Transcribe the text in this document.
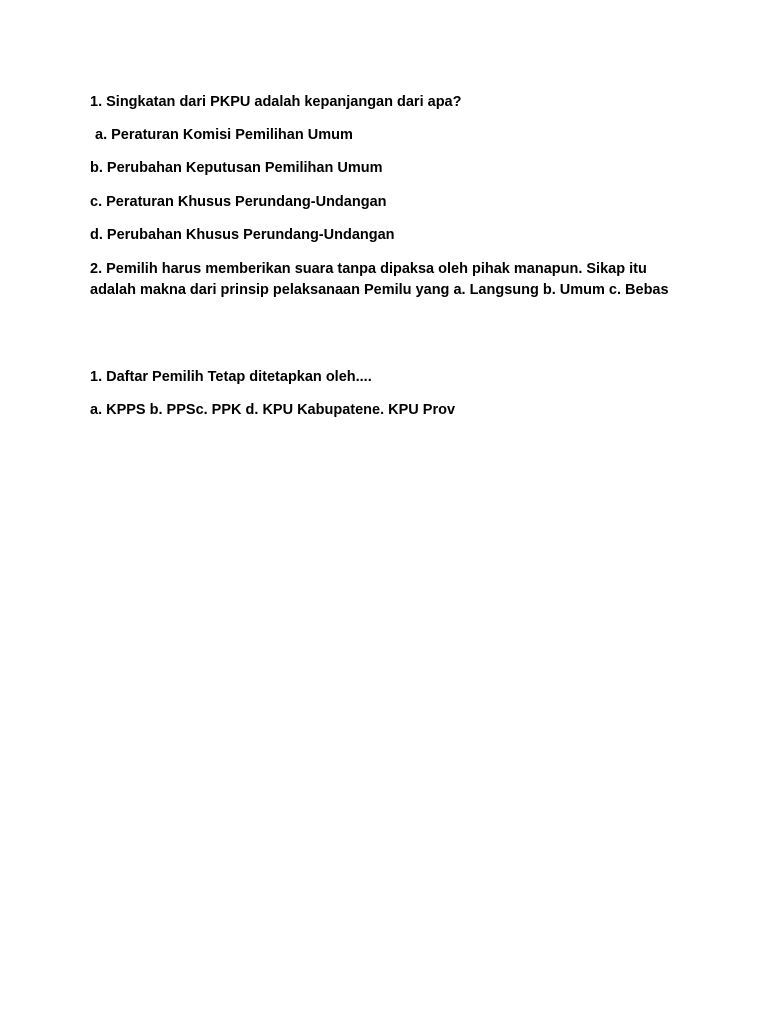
1. Singkatan dari PKPU adalah kepanjangan dari apa?
a. Peraturan Komisi Pemilihan Umum
b. Perubahan Keputusan Pemilihan Umum
c. Peraturan Khusus Perundang-Undangan
d. Perubahan Khusus Perundang-Undangan
2. Pemilih harus memberikan suara tanpa dipaksa oleh pihak manapun. Sikap itu adalah makna dari prinsip pelaksanaan Pemilu yang a. Langsung b. Umum c. Bebas
1. Daftar Pemilih Tetap ditetapkan oleh....
a. KPPS b. PPSc. PPK d. KPU Kabupatene. KPU Prov
